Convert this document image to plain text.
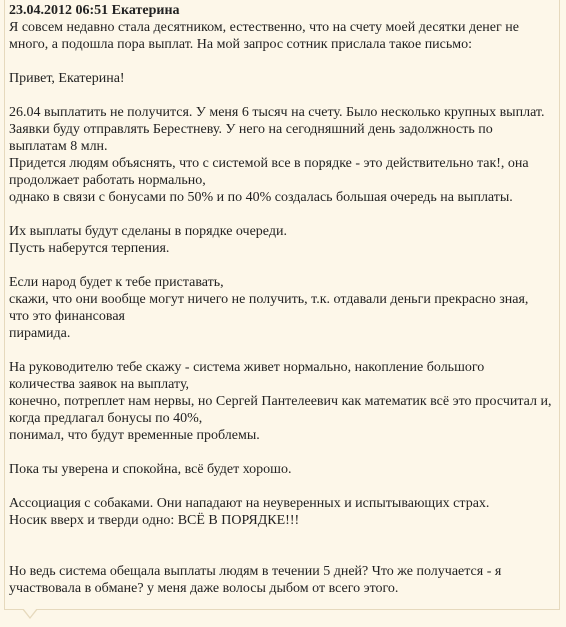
23.04.2012 06:51 Екатерина
Я совсем недавно стала десятником, естественно, что на счету моей десятки денег не
много, а подошла пора выплат. На мой запрос сотник прислала такое письмо:
Привет, Екатерина!
26.04 выплатить не получится. У меня 6 тысяч на счету. Было несколько крупных выплат.
Заявки буду отправлять Берестневу. У него на сегодняшний день задолжность по
выплатам 8 млн.
Придется людям объяснять, что с системой все в порядке - это действительно так!, она
продолжает работать нормально,
однако в связи с бонусами по 50% и по 40% создалась большая очередь на выплаты.
Их выплаты будут сделаны в порядке очереди.
Пусть наберутся терпения.
Если народ будет к тебе приставать,
скажи, что они вообще могут ничего не получить, т.к. отдавали деньги прекрасно зная,
что это финансовая
пирамида.
На руководителю тебе скажу - система живет нормально, накопление большого
количества заявок на выплату,
конечно, потреплет нам нервы, но Сергей Пантелеевич как математик всё это просчитал и,
когда предлагал бонусы по 40%,
понимал, что будут временные проблемы.
Пока ты уверена и спокойна, всё будет хорошо.
Ассоциация с собаками. Они нападают на неуверенных и испытывающих страх.
Носик вверх и тверди одно: ВСЁ В ПОРЯДКЕ!!!
Но ведь система обещала выплаты людям в течении 5 дней? Что же получается - я
участвовала в обмане? у меня даже волосы дыбом от всего этого.
